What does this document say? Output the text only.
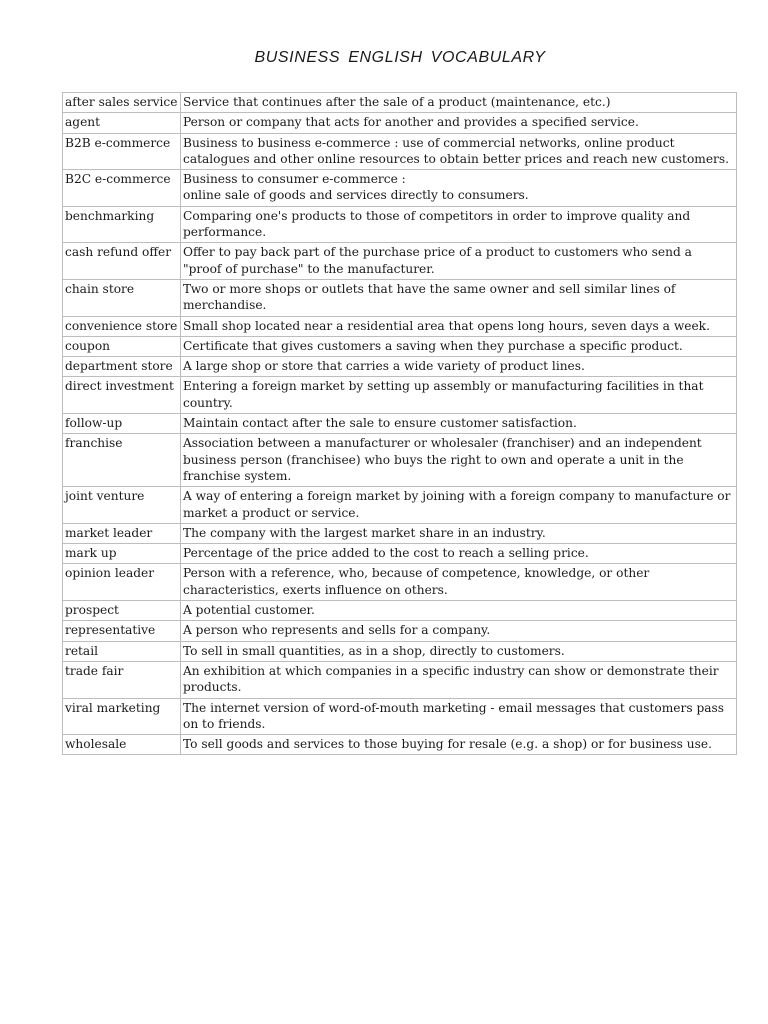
BUSINESS ENGLISH VOCABULARY
after sales service	Service that continues after the sale of a product (maintenance, etc.)
agent	Person or company that acts for another and provides a specified service.
B2B e-commerce	Business to business e-commerce : use of commercial networks, online product catalogues and other online resources to obtain better prices and reach new customers.
B2C e-commerce	Business to consumer e-commerce :
online sale of goods and services directly to consumers.
benchmarking	Comparing one's products to those of competitors in order to improve quality and performance.
cash refund offer	Offer to pay back part of the purchase price of a product to customers who send a "proof of purchase" to the manufacturer.
chain store	Two or more shops or outlets that have the same owner and sell similar lines of merchandise.
convenience store	Small shop located near a residential area that opens long hours, seven days a week.
coupon	Certificate that gives customers a saving when they purchase a specific product.
department store	A large shop or store that carries a wide variety of product lines.
direct investment	Entering a foreign market by setting up assembly or manufacturing facilities in that country.
follow-up	Maintain contact after the sale to ensure customer satisfaction.
franchise	Association between a manufacturer or wholesaler (franchiser) and an independent business person (franchisee) who buys the right to own and operate a unit in the franchise system.
joint venture	A way of entering a foreign market by joining with a foreign company to manufacture or market a product or service.
market leader	The company with the largest market share in an industry.
mark up	Percentage of the price added to the cost to reach a selling price.
opinion leader	Person with a reference, who, because of competence, knowledge, or other characteristics, exerts influence on others.
prospect	A potential customer.
representative	A person who represents and sells for a company.
retail	To sell in small quantities, as in a shop, directly to customers.
trade fair	An exhibition at which companies in a specific industry can show or demonstrate their products.
viral marketing	The internet version of word-of-mouth marketing - email messages that customers pass on to friends.
wholesale	To sell goods and services to those buying for resale (e.g. a shop) or for business use.
